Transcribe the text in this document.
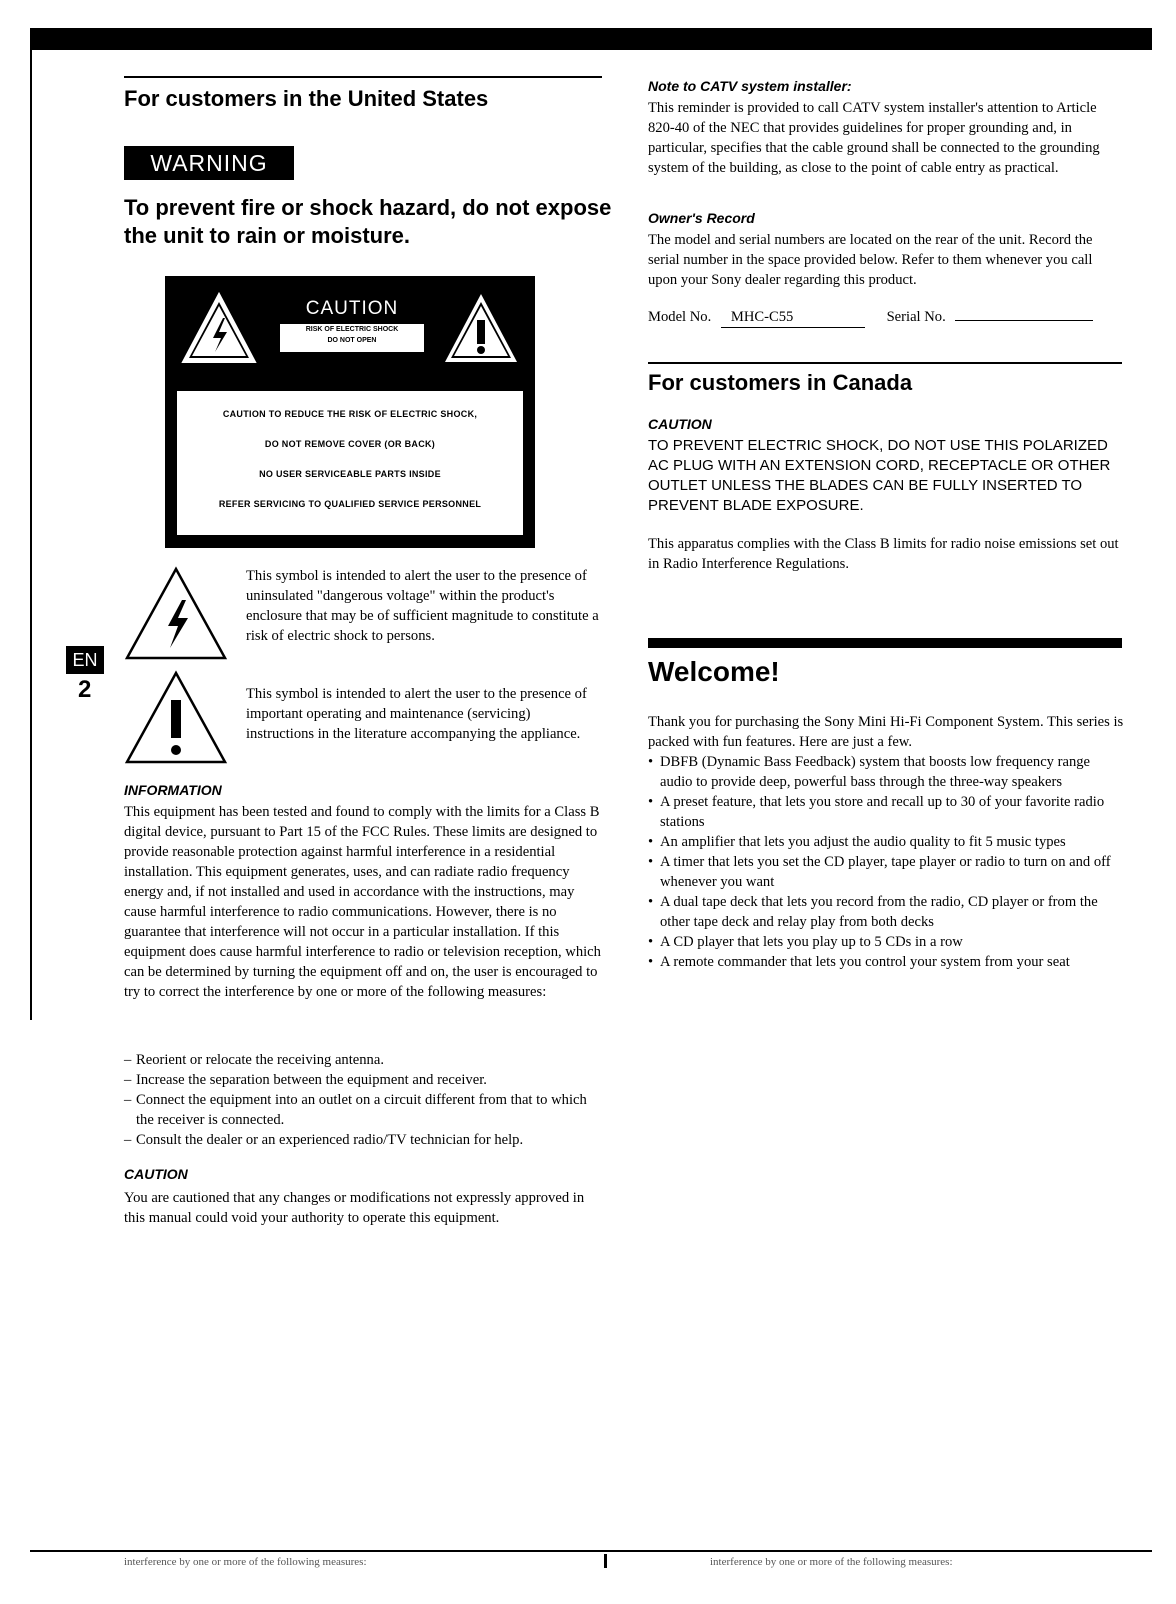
For customers in the United States
WARNING
To prevent fire or shock hazard, do not expose the unit to rain or moisture.
CAUTION
RISK OF ELECTRIC SHOCK
DO NOT OPEN
CAUTION TO REDUCE THE RISK OF ELECTRIC SHOCK,
DO NOT REMOVE COVER (OR BACK)
NO USER SERVICEABLE PARTS INSIDE
REFER SERVICING TO QUALIFIED SERVICE PERSONNEL
This symbol is intended to alert the user to the presence of uninsulated "dangerous voltage" within the product's enclosure that may be of sufficient magnitude to constitute a risk of electric shock to persons.
This symbol is intended to alert the user to the presence of important operating and maintenance (servicing) instructions in the literature accompanying the appliance.
INFORMATION
This equipment has been tested and found to comply with the limits for a Class B digital device, pursuant to Part 15 of the FCC Rules. These limits are designed to provide reasonable protection against harmful interference in a residential installation. This equipment generates, uses, and can radiate radio frequency energy and, if not installed and used in accordance with the instructions, may cause harmful interference to radio communications. However, there is no guarantee that interference will not occur in a particular installation. If this equipment does cause harmful interference to radio or television reception, which can be determined by turning the equipment off and on, the user is encouraged to try to correct the interference by one or more of the following measures:
– Reorient or relocate the receiving antenna.
– Increase the separation between the equipment and receiver.
– Connect the equipment into an outlet on a circuit different from that to which the receiver is connected.
– Consult the dealer or an experienced radio/TV technician for help.
CAUTION
You are cautioned that any changes or modifications not expressly approved in this manual could void your authority to operate this equipment.
EN
2
Note to CATV system installer:
This reminder is provided to call CATV system installer's attention to Article 820-40 of the NEC that provides guidelines for proper grounding and, in particular, specifies that the cable ground shall be connected to the grounding system of the building, as close to the point of cable entry as practical.
Owner's Record
The model and serial numbers are located on the rear of the unit. Record the serial number in the space provided below. Refer to them whenever you call upon your Sony dealer regarding this product.
Model No. MHC-C55	Serial No.
For customers in Canada
CAUTION
TO PREVENT ELECTRIC SHOCK, DO NOT USE THIS POLARIZED AC PLUG WITH AN EXTENSION CORD, RECEPTACLE OR OTHER OUTLET UNLESS THE BLADES CAN BE FULLY INSERTED TO PREVENT BLADE EXPOSURE.
This apparatus complies with the Class B limits for radio noise emissions set out in Radio Interference Regulations.
Welcome!
Thank you for purchasing the Sony Mini Hi-Fi Component System. This series is packed with fun features. Here are just a few.
• DBFB (Dynamic Bass Feedback) system that boosts low frequency range audio to provide deep, powerful bass through the three-way speakers
• A preset feature, that lets you store and recall up to 30 of your favorite radio stations
• An amplifier that lets you adjust the audio quality to fit 5 music types
• A timer that lets you set the CD player, tape player or radio to turn on and off whenever you want
• A dual tape deck that lets you record from the radio, CD player or from the other tape deck and relay play from both decks
• A CD player that lets you play up to 5 CDs in a row
• A remote commander that lets you control your system from your seat
interference by one or more of the following measures:	interference by one or more of the following measures:
